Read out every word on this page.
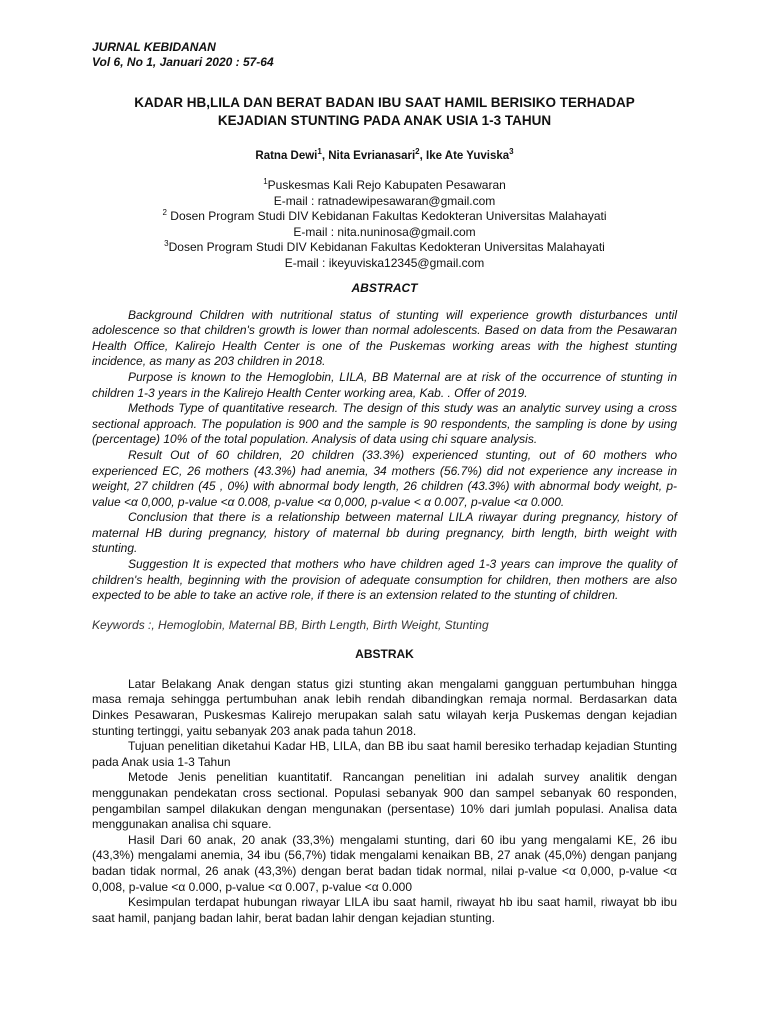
JURNAL KEBIDANAN
Vol 6, No 1, Januari 2020 : 57-64
KADAR HB,LILA DAN BERAT BADAN IBU SAAT HAMIL BERISIKO TERHADAP
KEJADIAN STUNTING PADA ANAK USIA 1-3 TAHUN
Ratna Dewi$^1$, Nita Evrianasari$^2$, Ike Ate Yuviska$^3$
$^1$Puskesmas Kali Rejo Kabupaten Pesawaran
E-mail : ratnadewipesawaran@gmail.com
$^2$ Dosen Program Studi DIV Kebidanan Fakultas Kedokteran Universitas Malahayati
E-mail : nita.nuninosa@gmail.com
$^3$Dosen Program Studi DIV Kebidanan Fakultas Kedokteran Universitas Malahayati
E-mail : ikeyuviska12345@gmail.com
ABSTRACT

Background Children with nutritional status of stunting will experience growth disturbances until adolescence so that children's growth is lower than normal adolescents. Based on data from the Pesawaran Health Office, Kalirejo Health Center is one of the Puskemas working areas with the highest stunting incidence, as many as 203 children in 2018.

Purpose is known to the Hemoglobin, LILA, BB Maternal are at risk of the occurrence of stunting in children 1-3 years in the Kalirejo Health Center working area, Kab. . Offer of 2019.

Methods Type of quantitative research. The design of this study was an analytic survey using a cross sectional approach. The population is 900 and the sample is 90 respondents, the sampling is done by using (percentage) 10% of the total population. Analysis of data using chi square analysis.

Result Out of 60 children, 20 children (33.3%) experienced stunting, out of 60 mothers who experienced EC, 26 mothers (43.3%) had anemia, 34 mothers (56.7%) did not experience any increase in weight, 27 children (45 , 0%) with abnormal body length, 26 children (43.3%) with abnormal body weight, p-value <α 0,000, p-value <α 0.008, p-value <α 0,000, p-value < α 0.007, p-value <α 0.000.

Conclusion that there is a relationship between maternal LILA riwayar during pregnancy, history of maternal HB during pregnancy, history of maternal bb during pregnancy, birth length, birth weight with stunting.

Suggestion It is expected that mothers who have children aged 1-3 years can improve the quality of children's health, beginning with the provision of adequate consumption for children, then mothers are also expected to be able to take an active role, if there is an extension related to the stunting of children.

Keywords :, Hemoglobin, Maternal BB, Birth Length, Birth Weight, Stunting
ABSTRAK

Latar Belakang Anak dengan status gizi stunting akan mengalami gangguan pertumbuhan hingga masa remaja sehingga pertumbuhan anak lebih rendah dibandingkan remaja normal. Berdasarkan data Dinkes Pesawaran, Puskesmas Kalirejo merupakan salah satu wilayah kerja Puskemas dengan kejadian stunting tertinggi, yaitu sebanyak 203 anak pada tahun 2018.

Tujuan penelitian diketahui Kadar HB, LILA, dan BB ibu saat hamil beresiko terhadap kejadian Stunting pada Anak usia 1-3 Tahun

Metode Jenis penelitian kuantitatif. Rancangan penelitian ini adalah survey analitik dengan menggunakan pendekatan cross sectional. Populasi sebanyak 900 dan sampel sebanyak 60 responden, pengambilan sampel dilakukan dengan mengunakan (persentase) 10% dari jumlah populasi. Analisa data menggunakan analisa chi square.

Hasil Dari 60 anak, 20 anak (33,3%) mengalami stunting, dari 60 ibu yang mengalami KE, 26 ibu (43,3%) mengalami anemia, 34 ibu (56,7%) tidak mengalami kenaikan BB, 27 anak (45,0%) dengan panjang badan tidak normal, 26 anak (43,3%) dengan berat badan tidak normal, nilai p-value <α 0,000, p-value <α 0,008, p-value <α 0.000, p-value <α 0.007, p-value <α 0.000

Kesimpulan terdapat hubungan riwayar LILA ibu saat hamil, riwayat hb ibu saat hamil, riwayat bb ibu saat hamil, panjang badan lahir, berat badan lahir dengan kejadian stunting.
